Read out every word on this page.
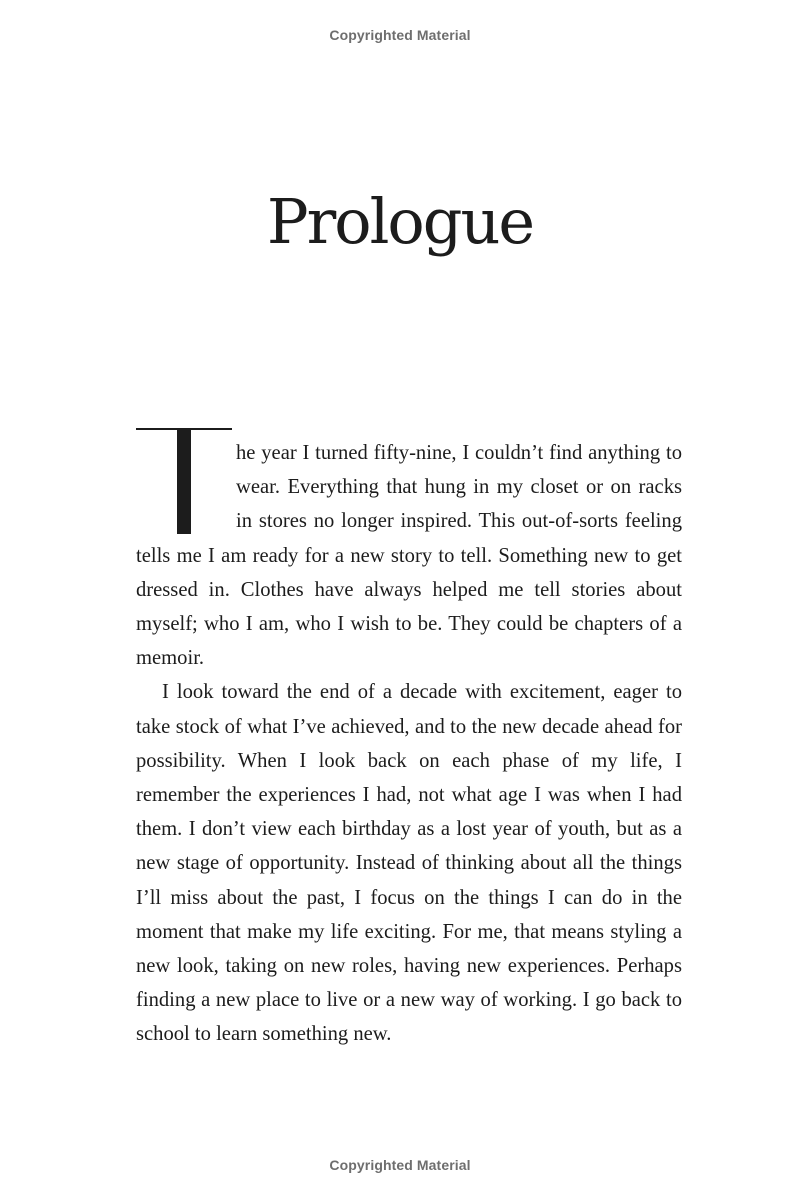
Copyrighted Material
Prologue

he year I turned fifty-nine, I couldn’t find anything to wear. Everything that hung in my closet or on racks in stores no longer inspired. This out-of-sorts feeling tells me I am ready for a new story to tell. Something new to get dressed in. Clothes have always helped me tell stories about myself; who I am, who I wish to be. They could be chapters of a memoir.

I look toward the end of a decade with excitement, eager to take stock of what I’ve achieved, and to the new decade ahead for possibility. When I look back on each phase of my life, I remember the experiences I had, not what age I was when I had them. I don’t view each birthday as a lost year of youth, but as a new stage of opportunity. Instead of thinking about all the things I’ll miss about the past, I focus on the things I can do in the moment that make my life exciting. For me, that means styling a new look, taking on new roles, having new experiences. Perhaps finding a new place to live or a new way of working. I go back to school to learn something new.

Copyrighted Material
